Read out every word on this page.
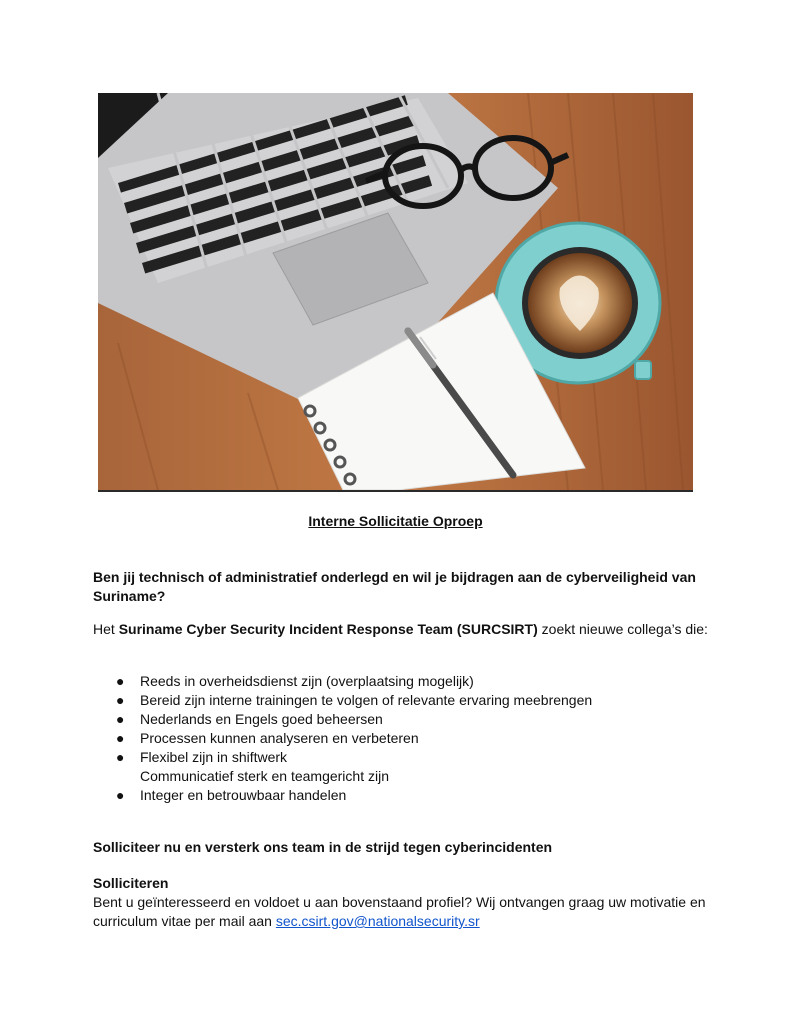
Interne Sollicitatie Oproep
Ben jij technisch of administratief onderlegd en wil je bijdragen aan de cyberveiligheid van Suriname?
Het Suriname Cyber Security Incident Response Team (SURCSIRT) zoekt nieuwe collega’s die:
● Reeds in overheidsdienst zijn (overplaatsing mogelijk)
● Bereid zijn interne trainingen te volgen of relevante ervaring meebrengen
● Nederlands en Engels goed beheersen
● Processen kunnen analyseren en verbeteren
● Flexibel zijn in shiftwerk
Communicatief sterk en teamgericht zijn
● Integer en betrouwbaar handelen
Solliciteer nu en versterk ons team in de strijd tegen cyberincidenten
Solliciteren
Bent u geïnteresseerd en voldoet u aan bovenstaand profiel? Wij ontvangen graag uw motivatie en curriculum vitae per mail aan sec.csirt.gov@nationalsecurity.sr
